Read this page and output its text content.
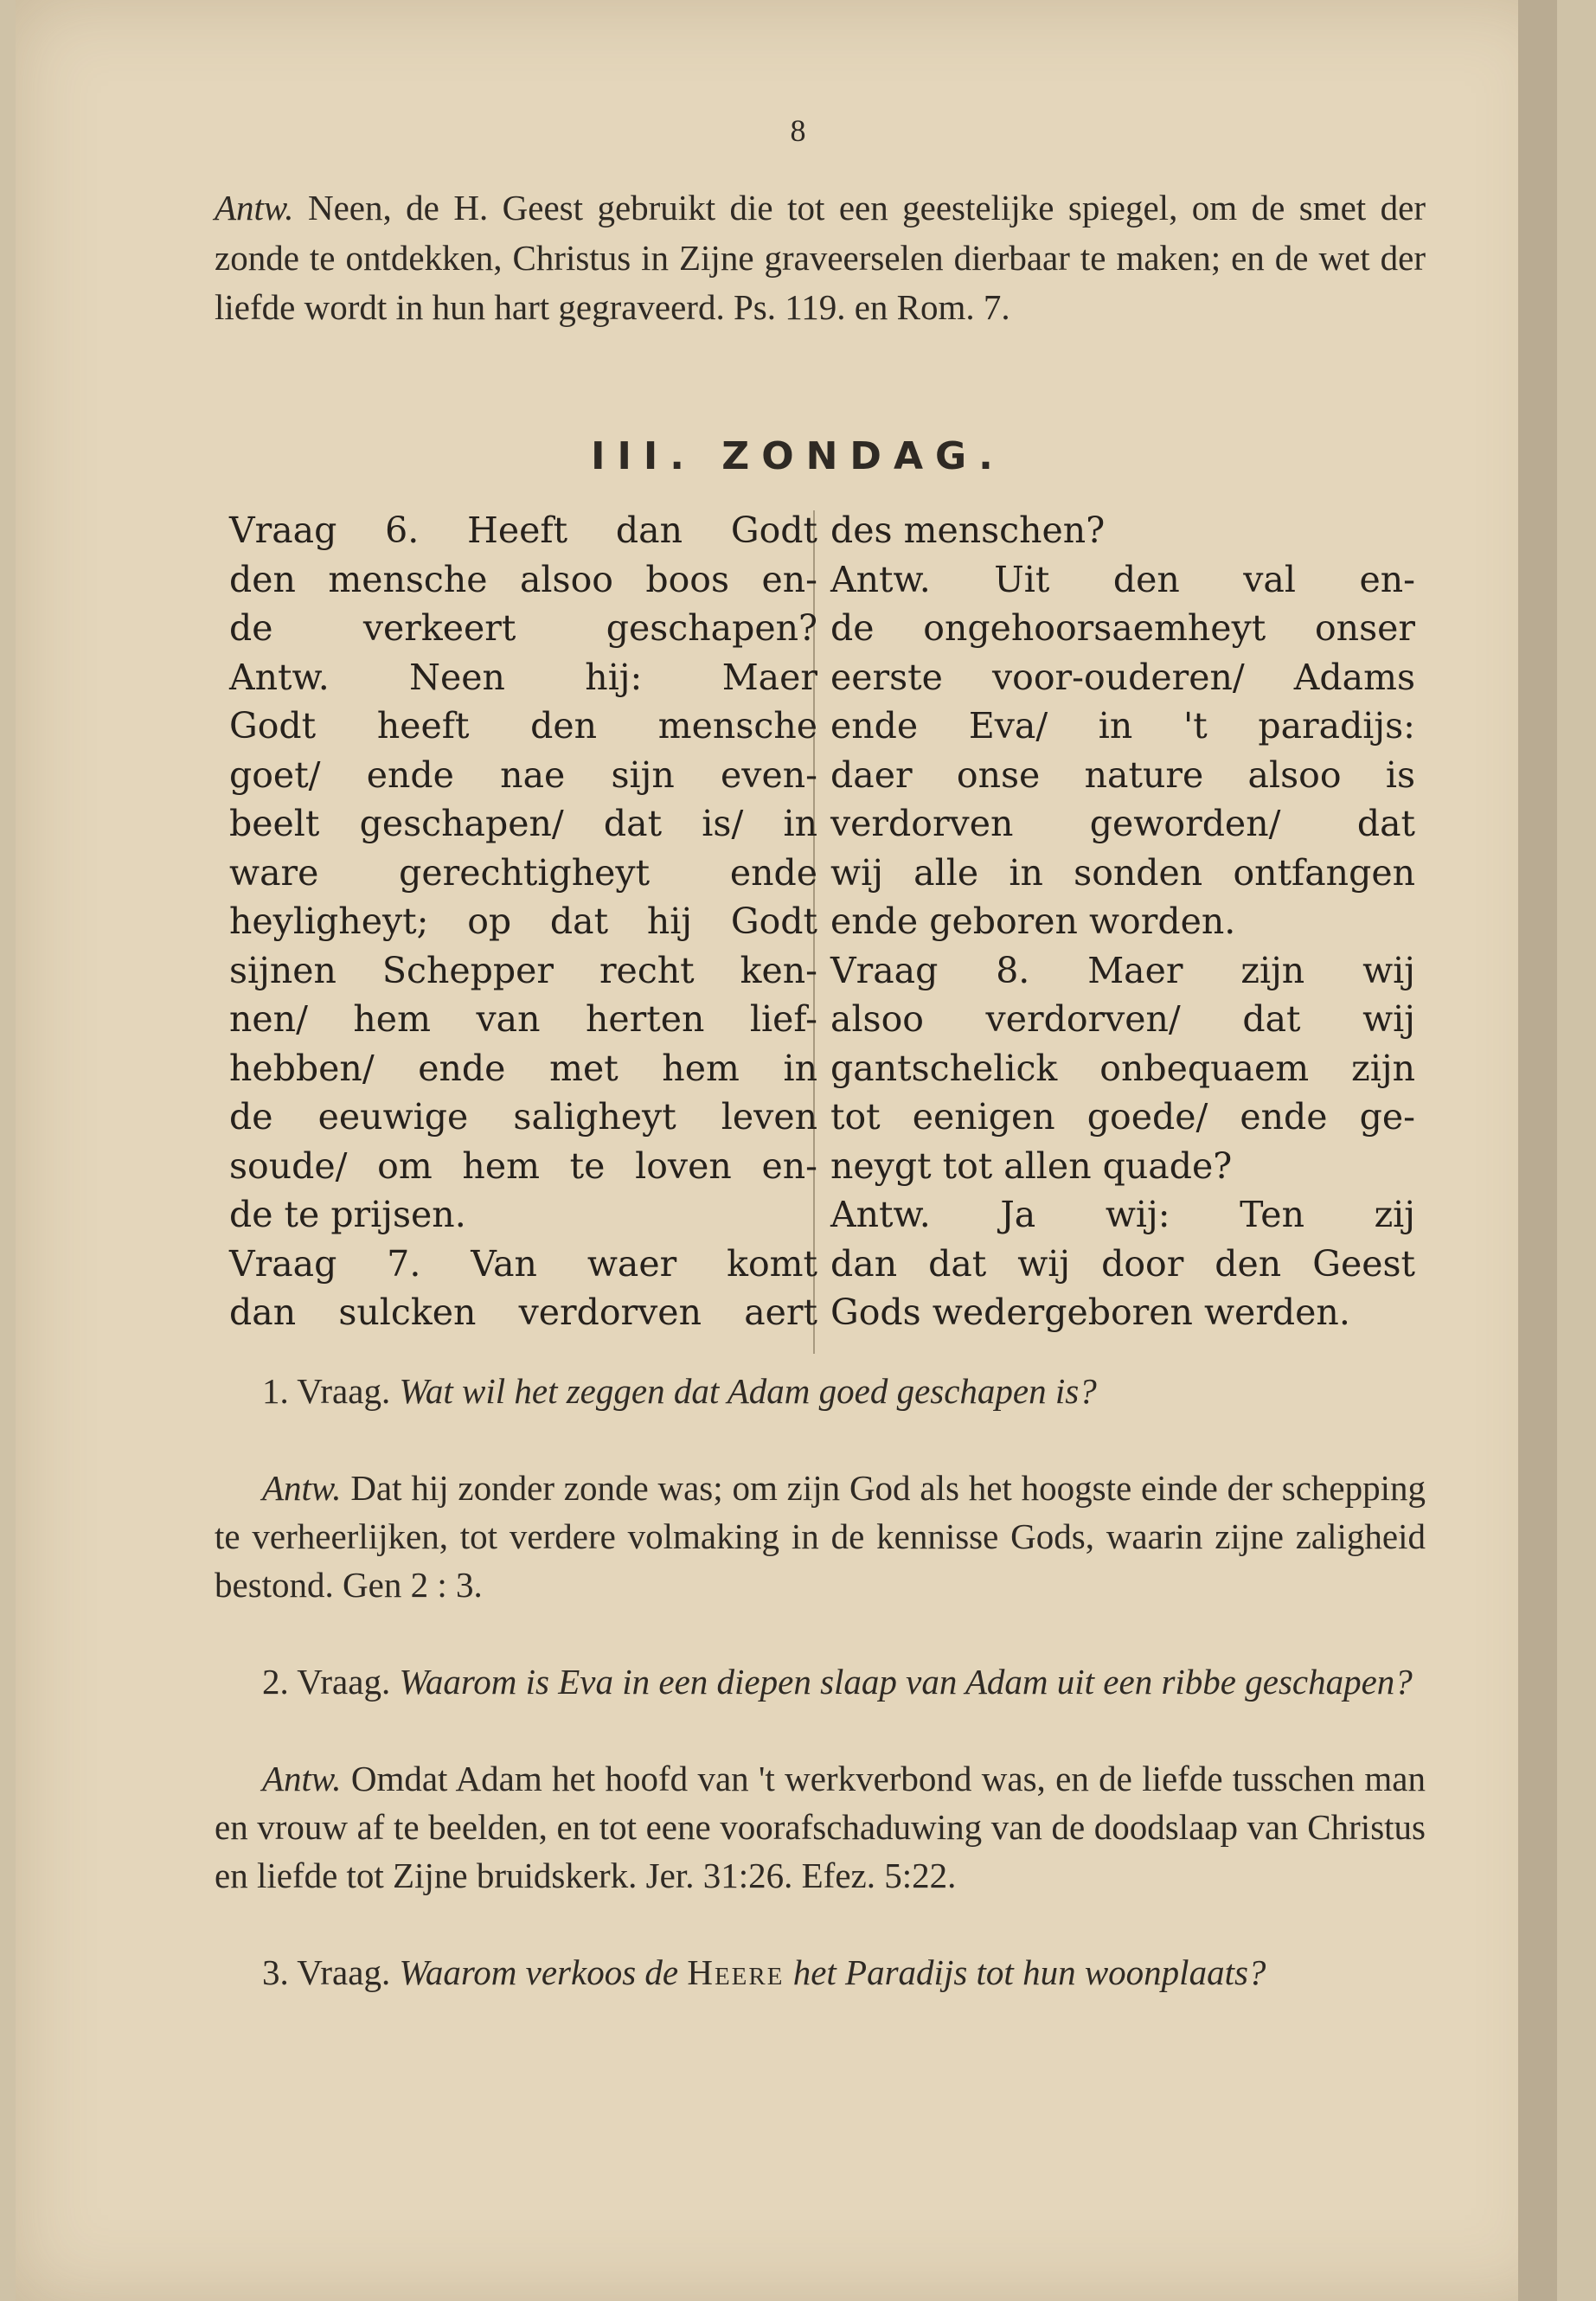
8
Antw. Neen, de H. Geest gebruikt die tot een geestelijke spiegel, om de smet der zonde te ontdekken, Christus in Zijne graveerselen dierbaar te maken; en de wet der liefde wordt in hun hart gegraveerd. Ps. 119. en Rom. 7.
III. ZONDAG.
Vraag 6. Heeft dan Godt
den mensche alsoo boos en-
de verkeert geschapen?
Antw. Neen hij: Maer
Godt heeft den mensche
goet/ ende nae sijn even-
beelt geschapen/ dat is/ in
ware gerechtigheyt ende
heyligheyt; op dat hij Godt
sijnen Schepper recht ken-
nen/ hem van herten lief-
hebben/ ende met hem in
de eeuwige saligheyt leven
soude/ om hem te loven en-
de te prijsen.
Vraag 7. Van waer komt
dan sulcken verdorven aert
des menschen?
Antw. Uit den val en-
de ongehoorsaemheyt onser
eerste voor-ouderen/ Adams
ende Eva/ in 't paradijs:
daer onse nature alsoo is
verdorven geworden/ dat
wij alle in sonden ontfangen
ende geboren worden.
Vraag 8. Maer zijn wij
alsoo verdorven/ dat wij
gantschelick onbequaem zijn
tot eenigen goede/ ende ge-
neygt tot allen quade?
Antw. Ja wij: Ten zij
dan dat wij door den Geest
Gods wedergeboren werden.
1. Vraag. Wat wil het zeggen dat Adam goed geschapen is?
Antw. Dat hij zonder zonde was; om zijn God als het hoogste einde der schepping te verheerlijken, tot verdere volmaking in de kennisse Gods, waarin zijne zaligheid bestond. Gen 2 : 3.
2. Vraag. Waarom is Eva in een diepen slaap van Adam uit een ribbe geschapen?
Antw. Omdat Adam het hoofd van 't werkverbond was, en de liefde tusschen man en vrouw af te beelden, en tot eene voorafschaduwing van de doodslaap van Christus en liefde tot Zijne bruidskerk. Jer. 31:26. Efez. 5:22.
3. Vraag. Waarom verkoos de Heere het Paradijs tot hun woonplaats?
